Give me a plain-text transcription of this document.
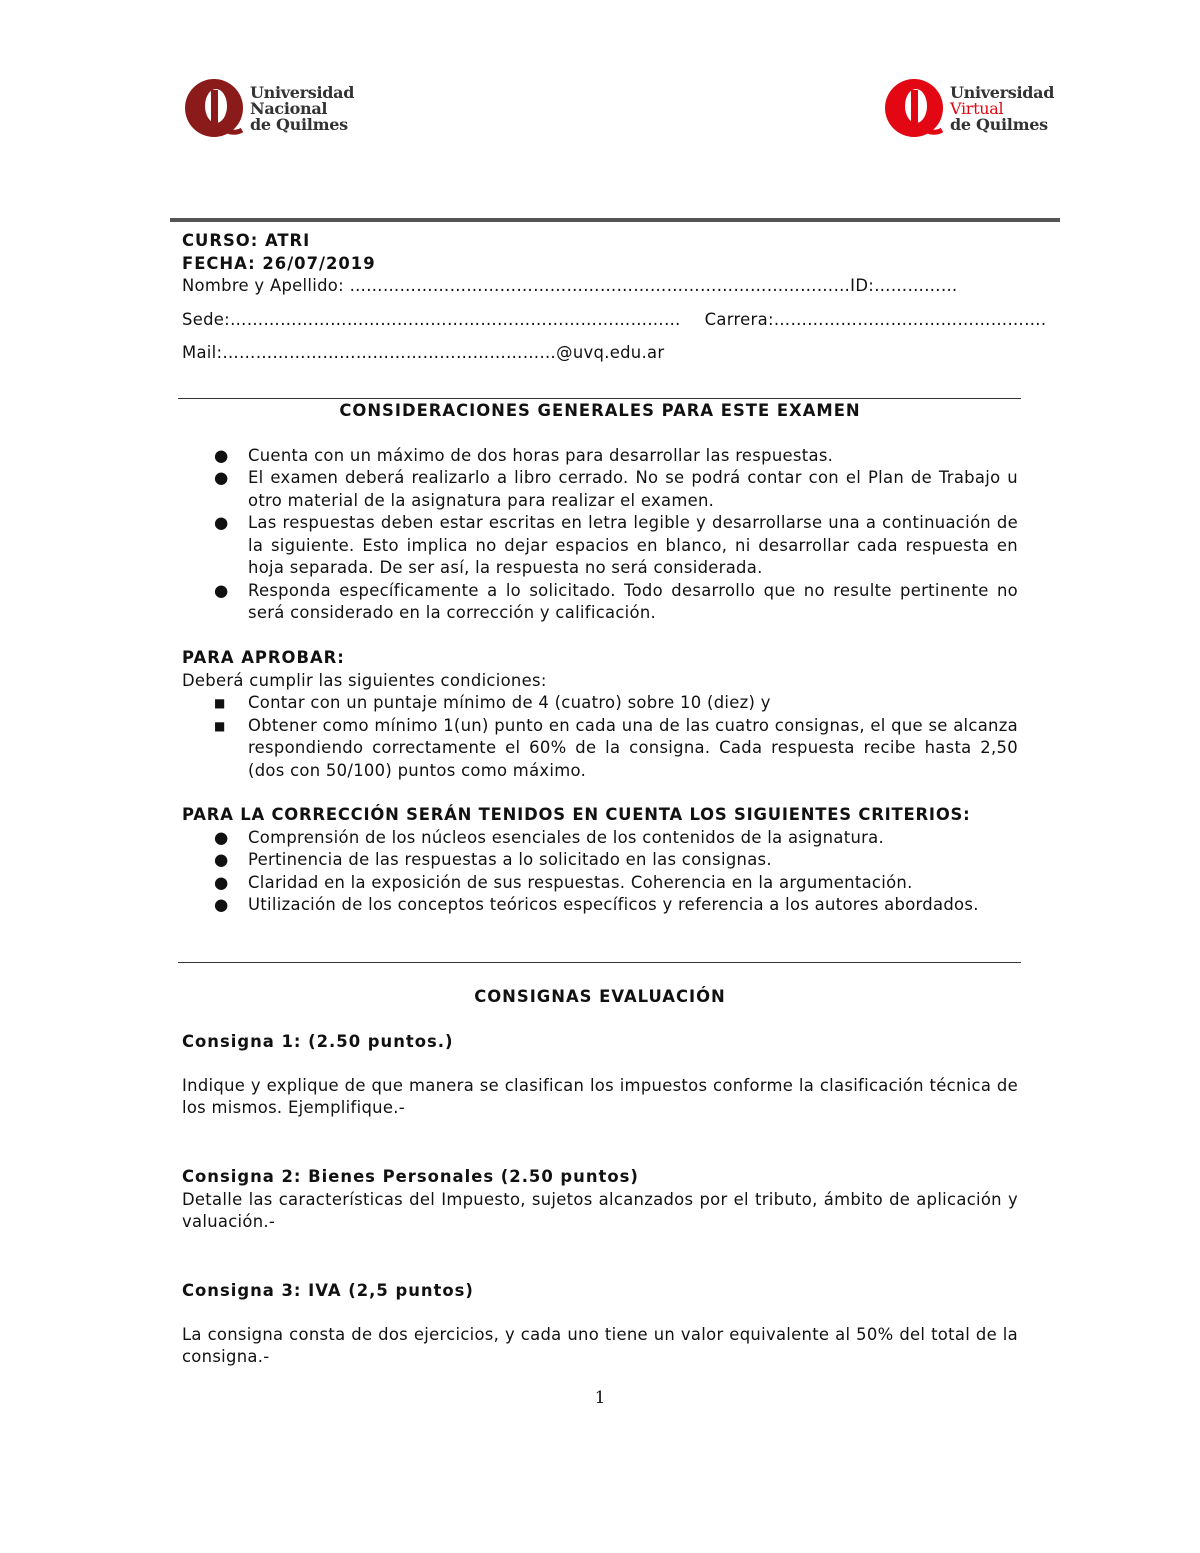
Universidad
Nacional
de Quilmes
Universidad
Virtual
de Quilmes
CURSO: ATRI
FECHA: 26/07/2019
Nombre y Apellido: ………………………………………………………………………………ID:……………
Sede:……………………………………………………………………… Carrera:………………………………………….
Mail:……………………………………………………@uvq.edu.ar
CONSIDERACIONES GENERALES PARA ESTE EXAMEN
● Cuenta con un máximo de dos horas para desarrollar las respuestas.
● El examen deberá realizarlo a libro cerrado. No se podrá contar con el Plan de Trabajo u otro material de la asignatura para realizar el examen.
● Las respuestas deben estar escritas en letra legible y desarrollarse una a continuación de la siguiente. Esto implica no dejar espacios en blanco, ni desarrollar cada respuesta en hoja separada. De ser así, la respuesta no será considerada.
● Responda específicamente a lo solicitado. Todo desarrollo que no resulte pertinente no será considerado en la corrección y calificación.
PARA APROBAR:
Deberá cumplir las siguientes condiciones:
■ Contar con un puntaje mínimo de 4 (cuatro) sobre 10 (diez) y
■ Obtener como mínimo 1(un) punto en cada una de las cuatro consignas, el que se alcanza respondiendo correctamente el 60% de la consigna. Cada respuesta recibe hasta 2,50 (dos con 50/100) puntos como máximo.
PARA LA CORRECCIÓN SERÁN TENIDOS EN CUENTA LOS SIGUIENTES CRITERIOS:
● Comprensión de los núcleos esenciales de los contenidos de la asignatura.
● Pertinencia de las respuestas a lo solicitado en las consignas.
● Claridad en la exposición de sus respuestas. Coherencia en la argumentación.
● Utilización de los conceptos teóricos específicos y referencia a los autores abordados.
CONSIGNAS EVALUACIÓN
Consigna 1: (2.50 puntos.)
Indique y explique de que manera se clasifican los impuestos conforme la clasificación técnica de los mismos. Ejemplifique.-
Consigna 2: Bienes Personales (2.50 puntos)
Detalle las características del Impuesto, sujetos alcanzados por el tributo, ámbito de aplicación y valuación.-
Consigna 3: IVA (2,5 puntos)
La consigna consta de dos ejercicios, y cada uno tiene un valor equivalente al 50% del total de la consigna.-
1
